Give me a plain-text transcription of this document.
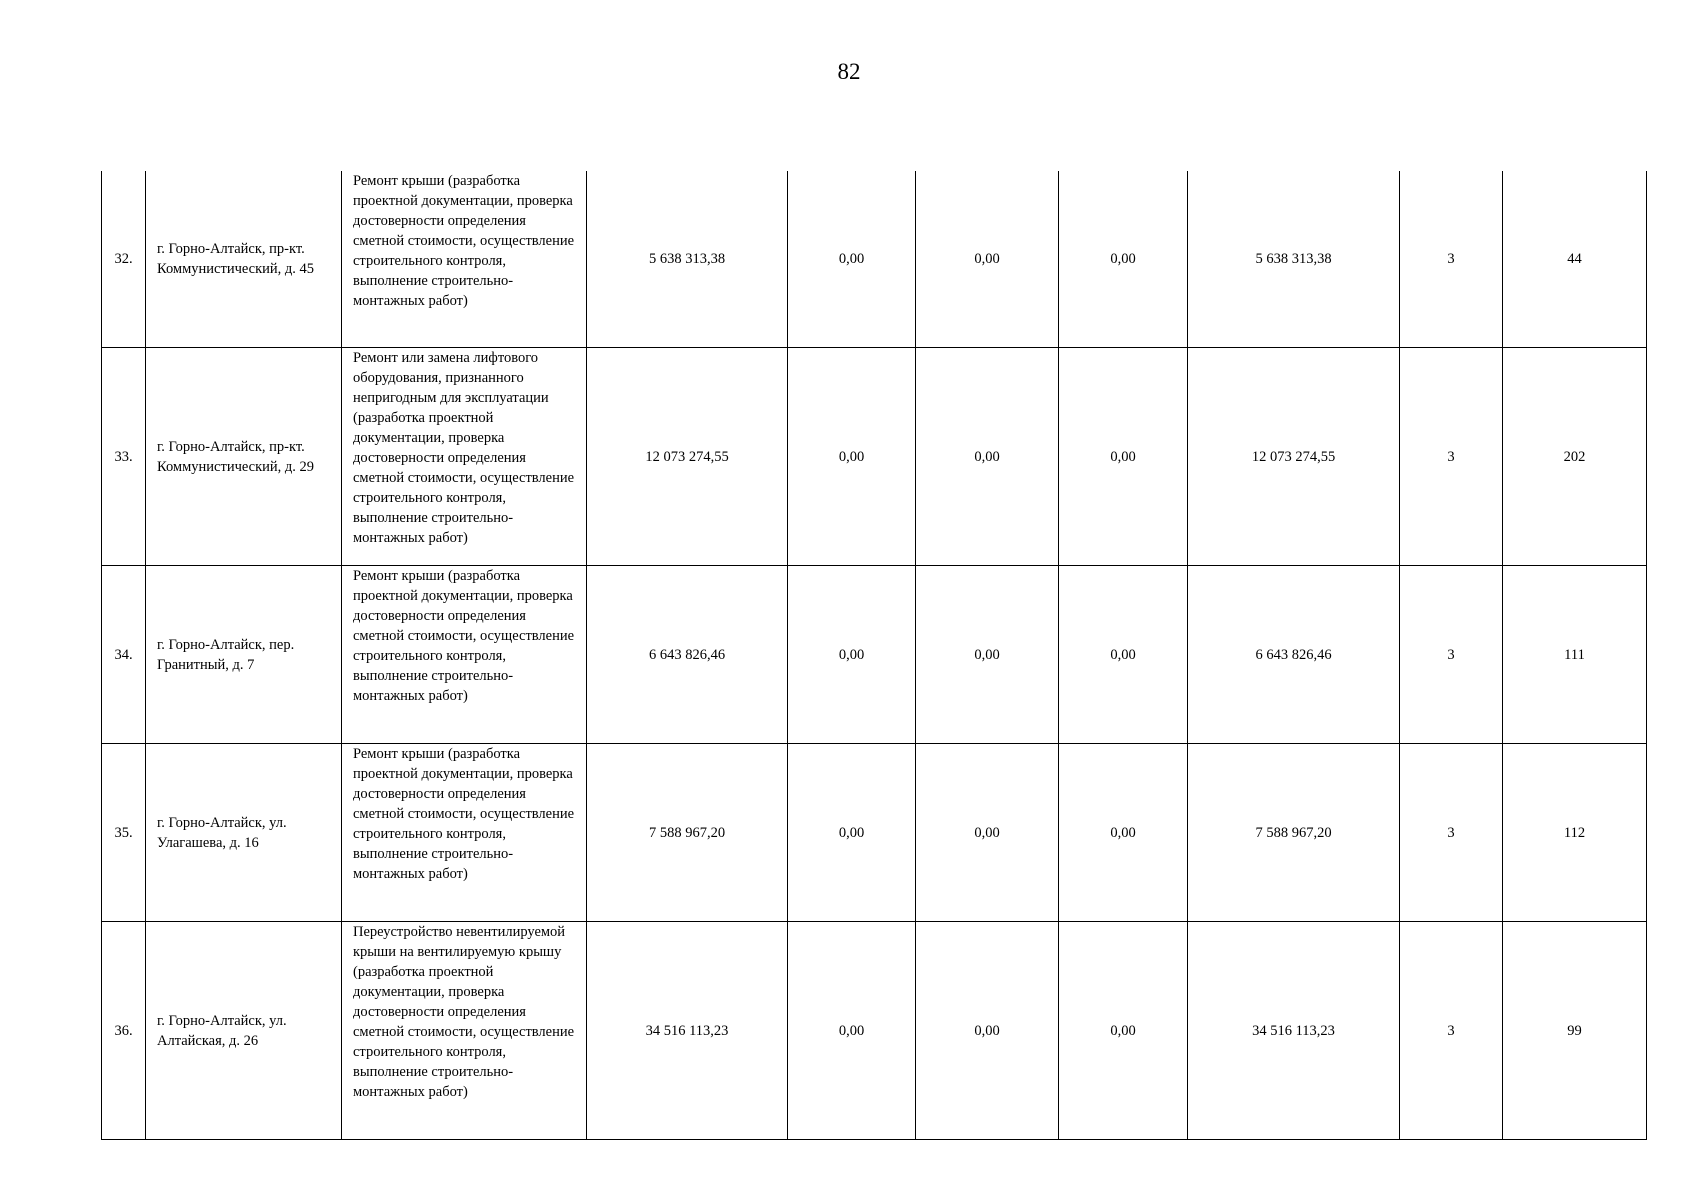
82
32.	г. Горно-Алтайск, пр-кт. Коммунистический, д. 45	Ремонт крыши (разработка проектной документации, проверка достоверности определения сметной стоимости, осуществление строительного контроля, выполнение строительно-монтажных работ)	5 638 313,38	0,00	0,00	0,00	5 638 313,38	3	44
33.	г. Горно-Алтайск, пр-кт. Коммунистический, д. 29	Ремонт или замена лифтового оборудования, признанного непригодным для эксплуатации (разработка проектной документации, проверка достоверности определения сметной стоимости, осуществление строительного контроля, выполнение строительно-монтажных работ)	12 073 274,55	0,00	0,00	0,00	12 073 274,55	3	202
34.	г. Горно-Алтайск, пер. Гранитный, д. 7	Ремонт крыши (разработка проектной документации, проверка достоверности определения сметной стоимости, осуществление строительного контроля, выполнение строительно-монтажных работ)	6 643 826,46	0,00	0,00	0,00	6 643 826,46	3	111
35.	г. Горно-Алтайск, ул. Улагашева, д. 16	Ремонт крыши (разработка проектной документации, проверка достоверности определения сметной стоимости, осуществление строительного контроля, выполнение строительно-монтажных работ)	7 588 967,20	0,00	0,00	0,00	7 588 967,20	3	112
36.	г. Горно-Алтайск, ул. Алтайская, д. 26	Переустройство невентилируемой крыши на вентилируемую крышу (разработка проектной документации, проверка достоверности определения сметной стоимости, осуществление строительного контроля, выполнение строительно-монтажных работ)	34 516 113,23	0,00	0,00	0,00	34 516 113,23	3	99
